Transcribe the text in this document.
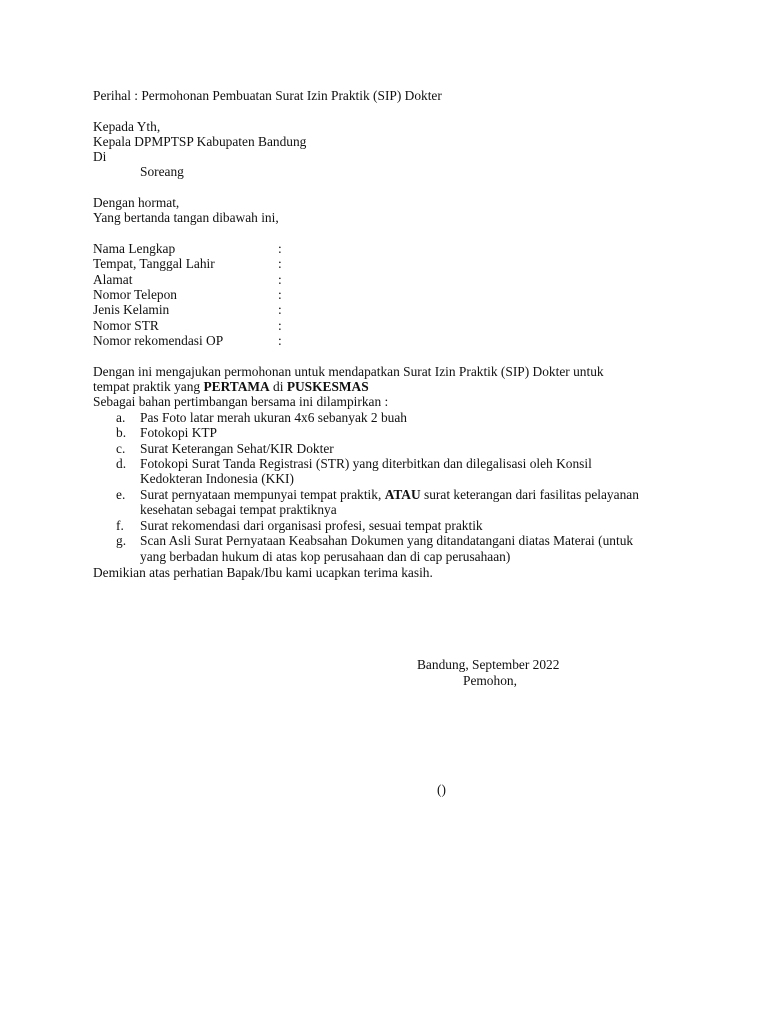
Perihal : Permohonan Pembuatan Surat Izin Praktik (SIP) Dokter
Kepada Yth,
Kepala DPMPTSP Kabupaten Bandung
Di
Soreang
Dengan hormat,
Yang bertanda tangan dibawah ini,
Nama Lengkap	:
Tempat, Tanggal Lahir	:
Alamat	:
Nomor Telepon	:
Jenis Kelamin	:
Nomor STR	:
Nomor rekomendasi OP	:
Dengan ini mengajukan permohonan untuk mendapatkan Surat Izin Praktik (SIP) Dokter untuk
tempat praktik yang PERTAMA di PUSKESMAS
Sebagai bahan pertimbangan bersama ini dilampirkan :
a. Pas Foto latar merah ukuran 4x6 sebanyak 2 buah
b. Fotokopi KTP
c. Surat Keterangan Sehat/KIR Dokter
d. Fotokopi Surat Tanda Registrasi (STR) yang diterbitkan dan dilegalisasi oleh Konsil
Kedokteran Indonesia (KKI)
e. Surat pernyataan mempunyai tempat praktik, ATAU surat keterangan dari fasilitas pelayanan
kesehatan sebagai tempat praktiknya
f. Surat rekomendasi dari organisasi profesi, sesuai tempat praktik
g. Scan Asli Surat Pernyataan Keabsahan Dokumen yang ditandatangani diatas Materai (untuk
yang berbadan hukum di atas kop perusahaan dan di cap perusahaan)
Demikian atas perhatian Bapak/Ibu kami ucapkan terima kasih.
Bandung, September 2022
Pemohon,
()
